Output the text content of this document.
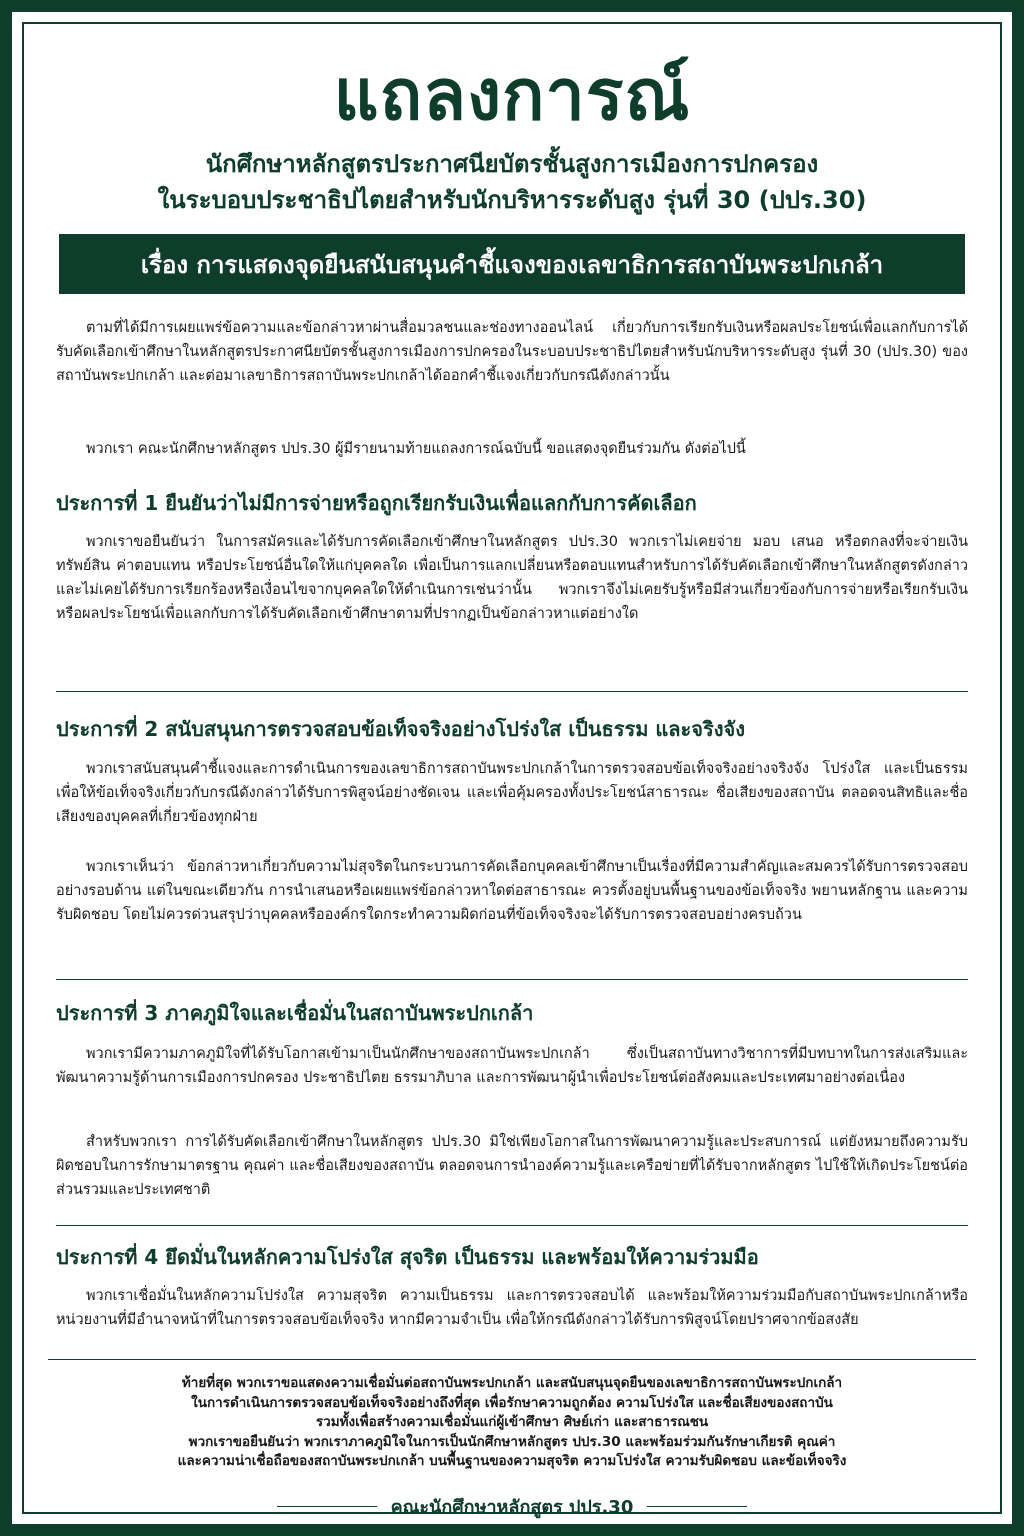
แถลงการณ์
นักศึกษาหลักสูตรประกาศนียบัตรชั้นสูงการเมืองการปกครอง
ในระบอบประชาธิปไตยสำหรับนักบริหารระดับสูง รุ่นที่ 30 (ปปร.30)
เรื่อง การแสดงจุดยืนสนับสนุนคำชี้แจงของเลขาธิการสถาบันพระปกเกล้า

ตามที่ได้มีการเผยแพร่ข้อความและข้อกล่าวหาผ่านสื่อมวลชนและช่องทางออนไลน์ เกี่ยวกับการเรียกรับเงินหรือผลประโยชน์เพื่อแลกกับการได้รับคัดเลือกเข้าศึกษาในหลักสูตรประกาศนียบัตรชั้นสูงการเมืองการปกครองในระบอบประชาธิปไตยสำหรับนักบริหารระดับสูง รุ่นที่ 30 (ปปร.30) ของสถาบันพระปกเกล้า และต่อมาเลขาธิการสถาบันพระปกเกล้าได้ออกคำชี้แจงเกี่ยวกับกรณีดังกล่าวนั้น

พวกเรา คณะนักศึกษาหลักสูตร ปปร.30 ผู้มีรายนามท้ายแถลงการณ์ฉบับนี้ ขอแสดงจุดยืนร่วมกัน ดังต่อไปนี้

ประการที่ 1 ยืนยันว่าไม่มีการจ่ายหรือถูกเรียกรับเงินเพื่อแลกกับการคัดเลือก

พวกเราขอยืนยันว่า ในการสมัครและได้รับการคัดเลือกเข้าศึกษาในหลักสูตร ปปร.30 พวกเราไม่เคยจ่าย มอบ เสนอ หรือตกลงที่จะจ่ายเงิน ทรัพย์สิน ค่าตอบแทน หรือประโยชน์อื่นใดให้แก่บุคคลใด เพื่อเป็นการแลกเปลี่ยนหรือตอบแทนสำหรับการได้รับคัดเลือกเข้าศึกษาในหลักสูตรดังกล่าว และไม่เคยได้รับการเรียกร้องหรือเงื่อนไขจากบุคคลใดให้ดำเนินการเช่นว่านั้น พวกเราจึงไม่เคยรับรู้หรือมีส่วนเกี่ยวข้องกับการจ่ายหรือเรียกรับเงินหรือผลประโยชน์เพื่อแลกกับการได้รับคัดเลือกเข้าศึกษาตามที่ปรากฏเป็นข้อกล่าวหาแต่อย่างใด

ประการที่ 2 สนับสนุนการตรวจสอบข้อเท็จจริงอย่างโปร่งใส เป็นธรรม และจริงจัง

พวกเราสนับสนุนคำชี้แจงและการดำเนินการของเลขาธิการสถาบันพระปกเกล้าในการตรวจสอบข้อเท็จจริงอย่างจริงจัง โปร่งใส และเป็นธรรม เพื่อให้ข้อเท็จจริงเกี่ยวกับกรณีดังกล่าวได้รับการพิสูจน์อย่างชัดเจน และเพื่อคุ้มครองทั้งประโยชน์สาธารณะ ชื่อเสียงของสถาบัน ตลอดจนสิทธิและชื่อเสียงของบุคคลที่เกี่ยวข้องทุกฝ่าย

พวกเราเห็นว่า ข้อกล่าวหาเกี่ยวกับความไม่สุจริตในกระบวนการคัดเลือกบุคคลเข้าศึกษาเป็นเรื่องที่มีความสำคัญและสมควรได้รับการตรวจสอบอย่างรอบด้าน แต่ในขณะเดียวกัน การนำเสนอหรือเผยแพร่ข้อกล่าวหาใดต่อสาธารณะ ควรตั้งอยู่บนพื้นฐานของข้อเท็จจริง พยานหลักฐาน และความรับผิดชอบ โดยไม่ควรด่วนสรุปว่าบุคคลหรือองค์กรใดกระทำความผิดก่อนที่ข้อเท็จจริงจะได้รับการตรวจสอบอย่างครบถ้วน

ประการที่ 3 ภาคภูมิใจและเชื่อมั่นในสถาบันพระปกเกล้า

พวกเรามีความภาคภูมิใจที่ได้รับโอกาสเข้ามาเป็นนักศึกษาของสถาบันพระปกเกล้า ซึ่งเป็นสถาบันทางวิชาการที่มีบทบาทในการส่งเสริมและพัฒนาความรู้ด้านการเมืองการปกครอง ประชาธิปไตย ธรรมาภิบาล และการพัฒนาผู้นำเพื่อประโยชน์ต่อสังคมและประเทศมาอย่างต่อเนื่อง

สำหรับพวกเรา การได้รับคัดเลือกเข้าศึกษาในหลักสูตร ปปร.30 มิใช่เพียงโอกาสในการพัฒนาความรู้และประสบการณ์ แต่ยังหมายถึงความรับผิดชอบในการรักษามาตรฐาน คุณค่า และชื่อเสียงของสถาบัน ตลอดจนการนำองค์ความรู้และเครือข่ายที่ได้รับจากหลักสูตร ไปใช้ให้เกิดประโยชน์ต่อส่วนรวมและประเทศชาติ

ประการที่ 4 ยึดมั่นในหลักความโปร่งใส สุจริต เป็นธรรม และพร้อมให้ความร่วมมือ

พวกเราเชื่อมั่นในหลักความโปร่งใส ความสุจริต ความเป็นธรรม และการตรวจสอบได้ และพร้อมให้ความร่วมมือกับสถาบันพระปกเกล้าหรือหน่วยงานที่มีอำนาจหน้าที่ในการตรวจสอบข้อเท็จจริง หากมีความจำเป็น เพื่อให้กรณีดังกล่าวได้รับการพิสูจน์โดยปราศจากข้อสงสัย

ท้ายที่สุด พวกเราขอแสดงความเชื่อมั่นต่อสถาบันพระปกเกล้า และสนับสนุนจุดยืนของเลขาธิการสถาบันพระปกเกล้า
ในการดำเนินการตรวจสอบข้อเท็จจริงอย่างถึงที่สุด เพื่อรักษาความถูกต้อง ความโปร่งใส และชื่อเสียงของสถาบัน
รวมทั้งเพื่อสร้างความเชื่อมั่นแก่ผู้เข้าศึกษา ศิษย์เก่า และสาธารณชน
พวกเราขอยืนยันว่า พวกเราภาคภูมิใจในการเป็นนักศึกษาหลักสูตร ปปร.30 และพร้อมร่วมกันรักษาเกียรติ คุณค่า
และความน่าเชื่อถือของสถาบันพระปกเกล้า บนพื้นฐานของความสุจริต ความโปร่งใส ความรับผิดชอบ และข้อเท็จจริง
คณะนักศึกษาหลักสูตร ปปร.30
